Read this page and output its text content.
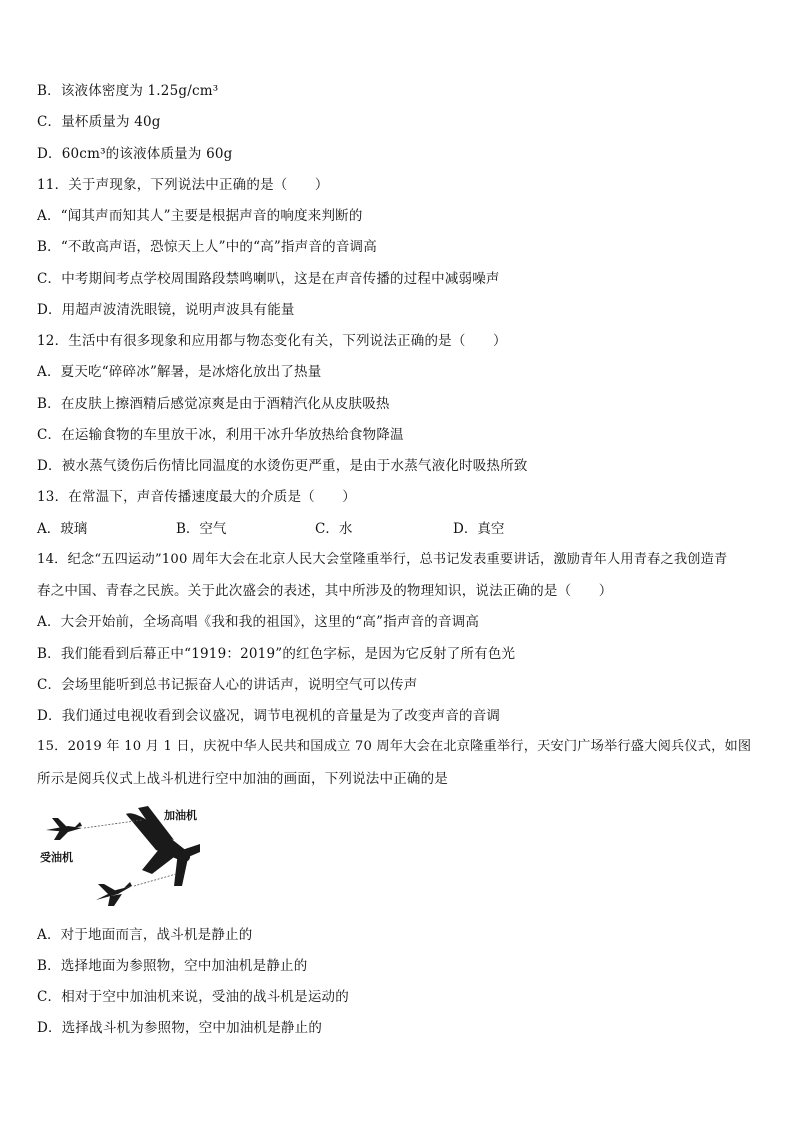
B．该液体密度为 1.25g/cm³
C．量杯质量为 40g
D．60cm³的该液体质量为 60g
11．关于声现象，下列说法中正确的是（　　）
A．“闻其声而知其人”主要是根据声音的响度来判断的
B．“不敢高声语，恐惊天上人”中的“高”指声音的音调高
C．中考期间考点学校周围路段禁鸣喇叭，这是在声音传播的过程中减弱噪声
D．用超声波清洗眼镜，说明声波具有能量
12．生活中有很多现象和应用都与物态变化有关，下列说法正确的是（　　）
A．夏天吃“碎碎冰”解暑，是冰熔化放出了热量
B．在皮肤上擦酒精后感觉凉爽是由于酒精汽化从皮肤吸热
C．在运输食物的车里放干冰，利用干冰升华放热给食物降温
D．被水蒸气烫伤后伤情比同温度的水烫伤更严重，是由于水蒸气液化时吸热所致
13．在常温下，声音传播速度最大的介质是（　　）
A．玻璃	B．空气	C．水	D．真空
14．纪念“五四运动”100 周年大会在北京人民大会堂隆重举行，总书记发表重要讲话，激励青年人用青春之我创造青
春之中国、青春之民族。关于此次盛会的表述，其中所涉及的物理知识，说法正确的是（　　）
A．大会开始前，全场高唱《我和我的祖国》，这里的“高”指声音的音调高
B．我们能看到后幕正中“1919：2019”的红色字标，是因为它反射了所有色光
C．会场里能听到总书记振奋人心的讲话声，说明空气可以传声
D．我们通过电视收看到会议盛况，调节电视机的音量是为了改变声音的音调
15．2019 年 10 月 1 日，庆祝中华人民共和国成立 70 周年大会在北京隆重举行，天安门广场举行盛大阅兵仪式，如图
所示是阅兵仪式上战斗机进行空中加油的画面，下列说法中正确的是
加油机
受油机
A．对于地面而言，战斗机是静止的
B．选择地面为参照物，空中加油机是静止的
C．相对于空中加油机来说，受油的战斗机是运动的
D．选择战斗机为参照物，空中加油机是静止的
